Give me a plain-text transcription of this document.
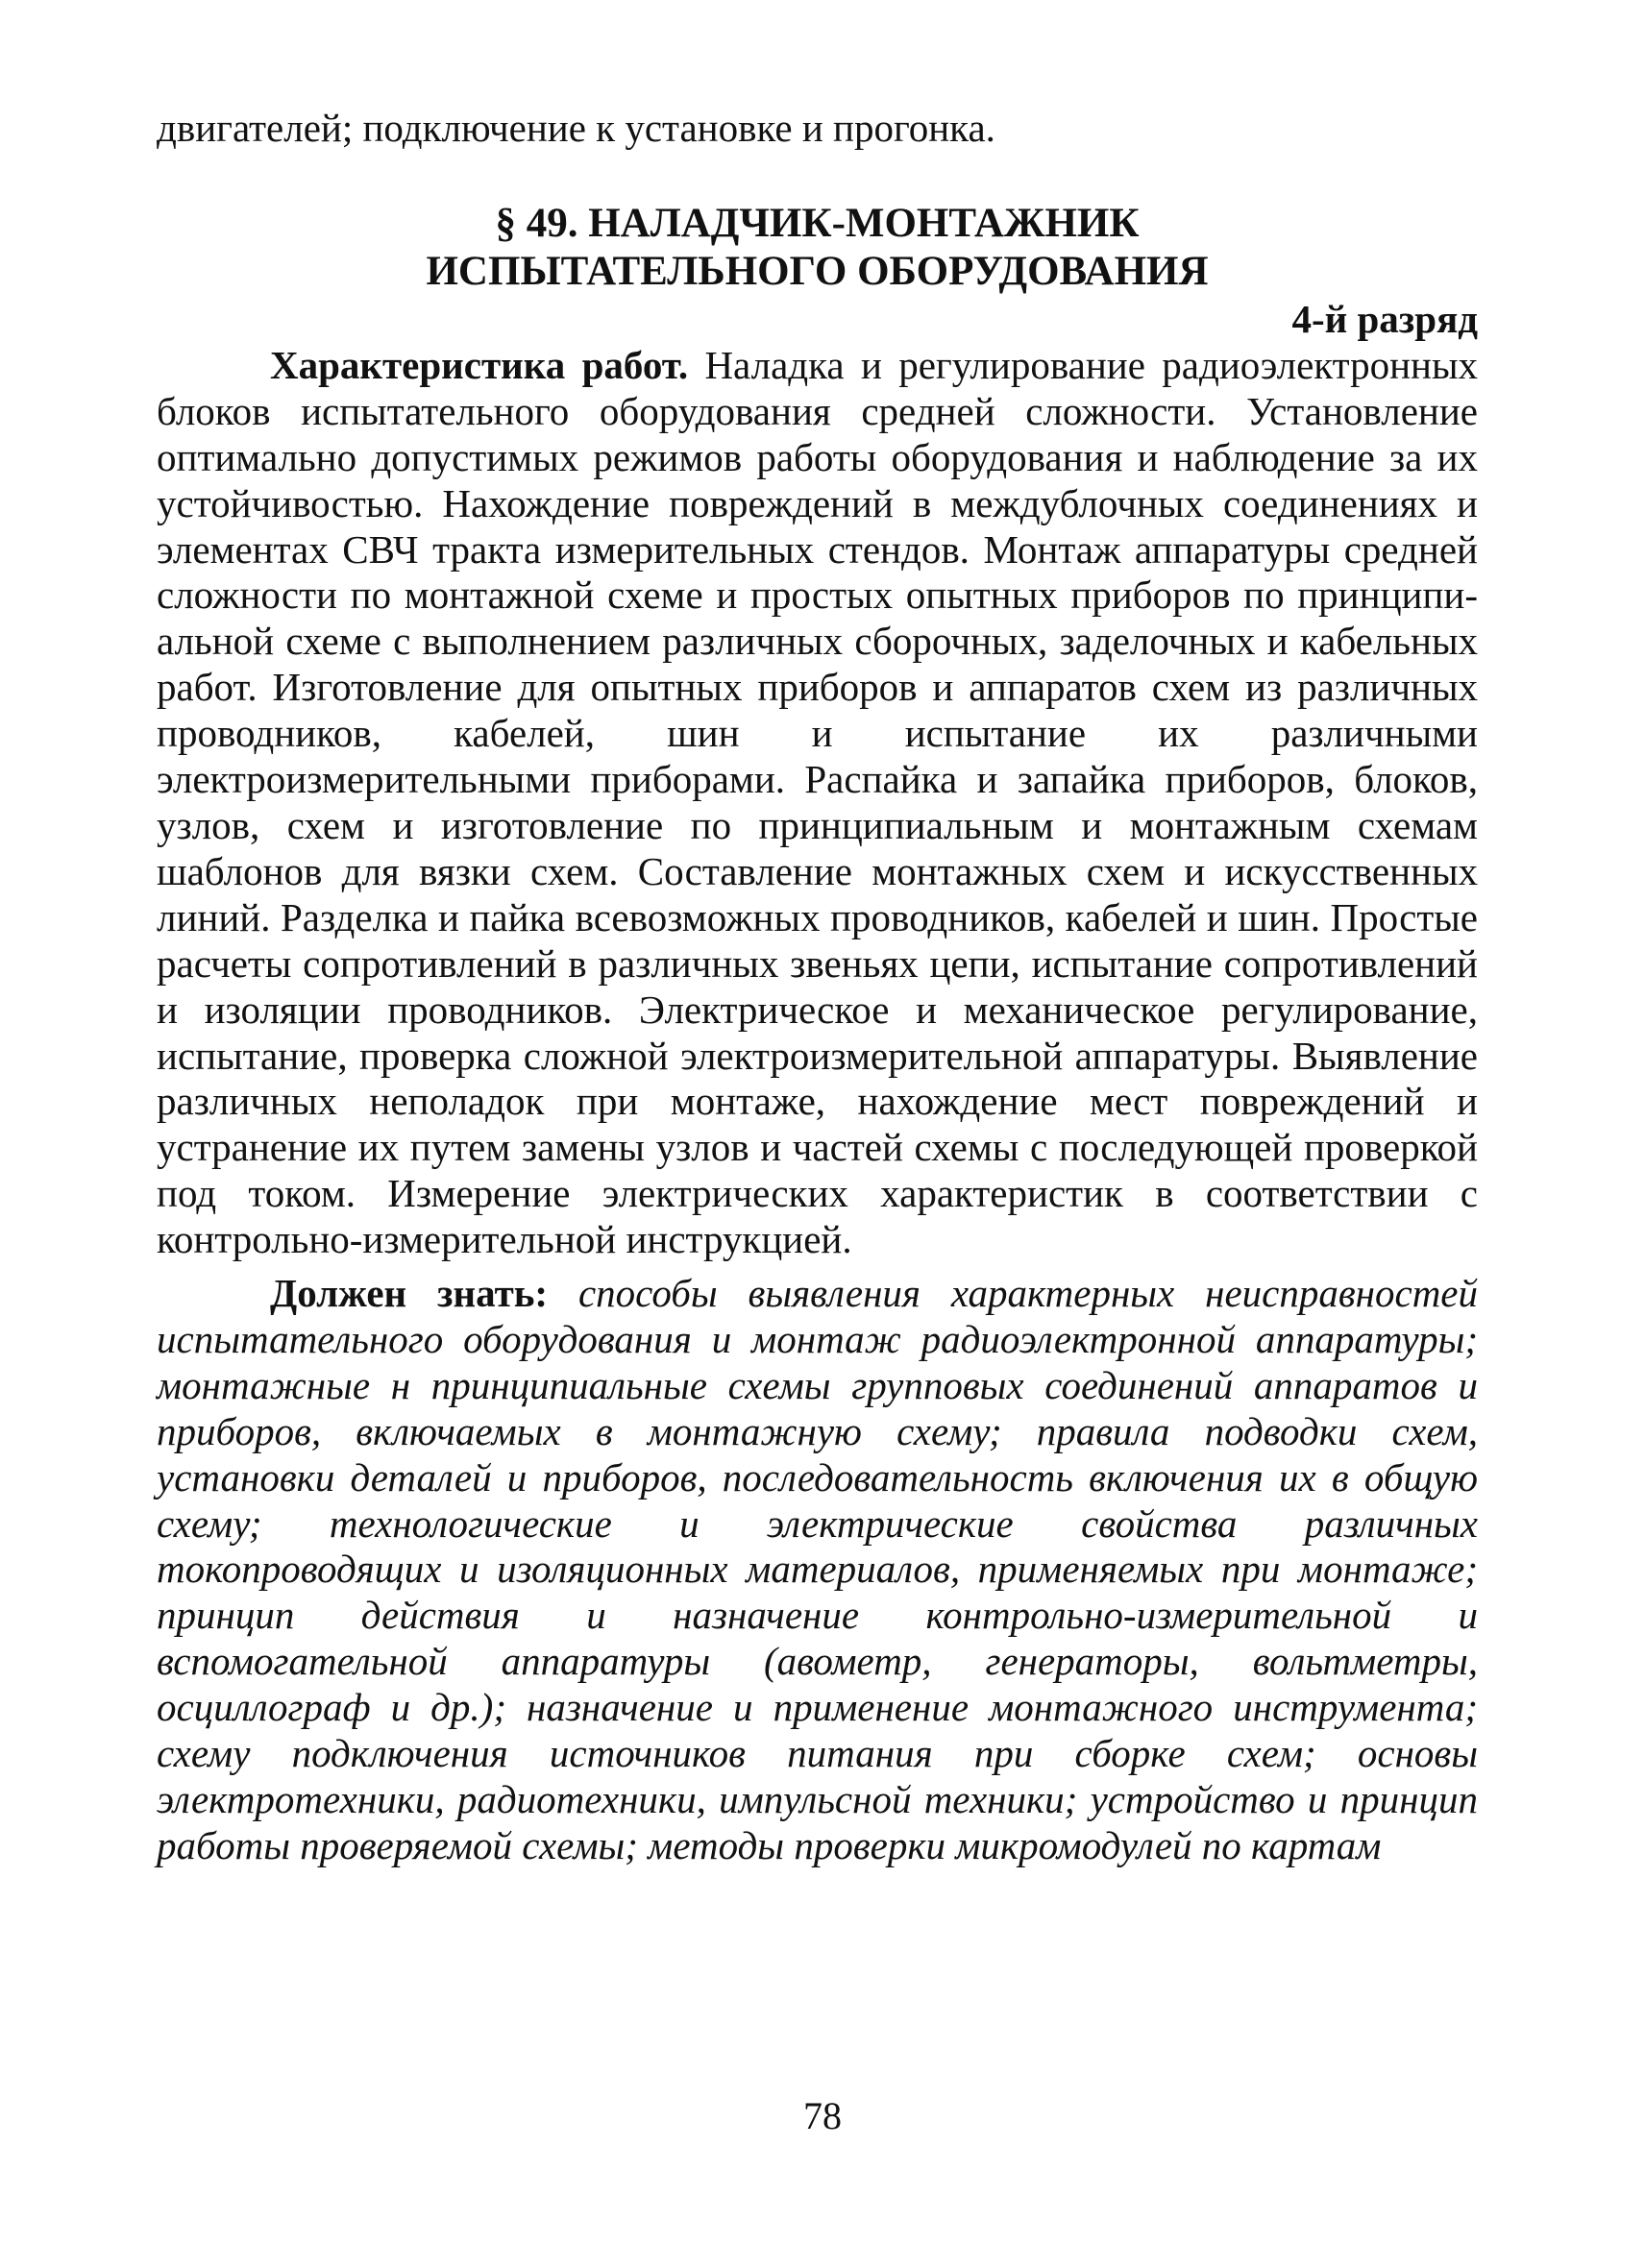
двигателей; подключение к установке и прогонка.

§ 49. НАЛАДЧИК-МОНТАЖНИК
ИСПЫТАТЕЛЬНОГО ОБОРУДОВАНИЯ

4-й разряд

Характеристика работ. Наладка и регулирование радиоэлектронных блоков испытательного оборудования средней сложности. Установление оптимально допустимых режимов работы оборудования и наблюдение за их устойчивостью. Нахождение повреждений в междублочных соединениях и элементах СВЧ тракта измерительных стендов. Монтаж аппаратуры средней сложности по монтажной схеме и простых опытных приборов по принципиальной схеме с выполнением различных сборочных, заделочных и кабельных работ. Изготовление для опытных приборов и аппаратов схем из различных проводников, кабелей, шин и испытание их различными электроизмерительными приборами. Распайка и запайка приборов, блоков, узлов, схем и изготовление по принципиальным и монтажным схемам шаблонов для вязки схем. Составление монтажных схем и искусственных линий. Разделка и пайка всевозможных проводников, кабелей и шин. Простые расчеты сопротивлений в различных звеньях цепи, испытание сопротивлений и изоляции проводников. Электрическое и механическое регулирование, испытание, проверка сложной электроизмерительной аппаратуры. Выявление различных неполадок при монтаже, нахождение мест повреждений и устранение их путем замены узлов и частей схемы с последующей проверкой под током. Измерение электрических характеристик в соответствии с контрольно-измерительной инструкцией.

Должен знать: способы выявления характерных неисправностей испытательного оборудования и монтаж радиоэлектронной аппаратуры; монтажные н принципиальные схемы групповых соединений аппаратов и приборов, включаемых в монтажную схему; правила подводки схем, установки деталей и приборов, последовательность включения их в общую схему; технологические и электрические свойства различных токопроводящих и изоляционных материалов, применяемых при монтаже; принцип действия и назначение контрольно-измерительной и вспомогательной аппаратуры (авометр, генераторы, вольтметры, осциллограф и др.); назначение и применение монтажного инструмента; схему подключения источников питания при сборке схем; основы электротехники, радиотехники, импульсной техники; устройство и принцип работы проверяемой схемы; методы проверки микромодулей по картам

78
